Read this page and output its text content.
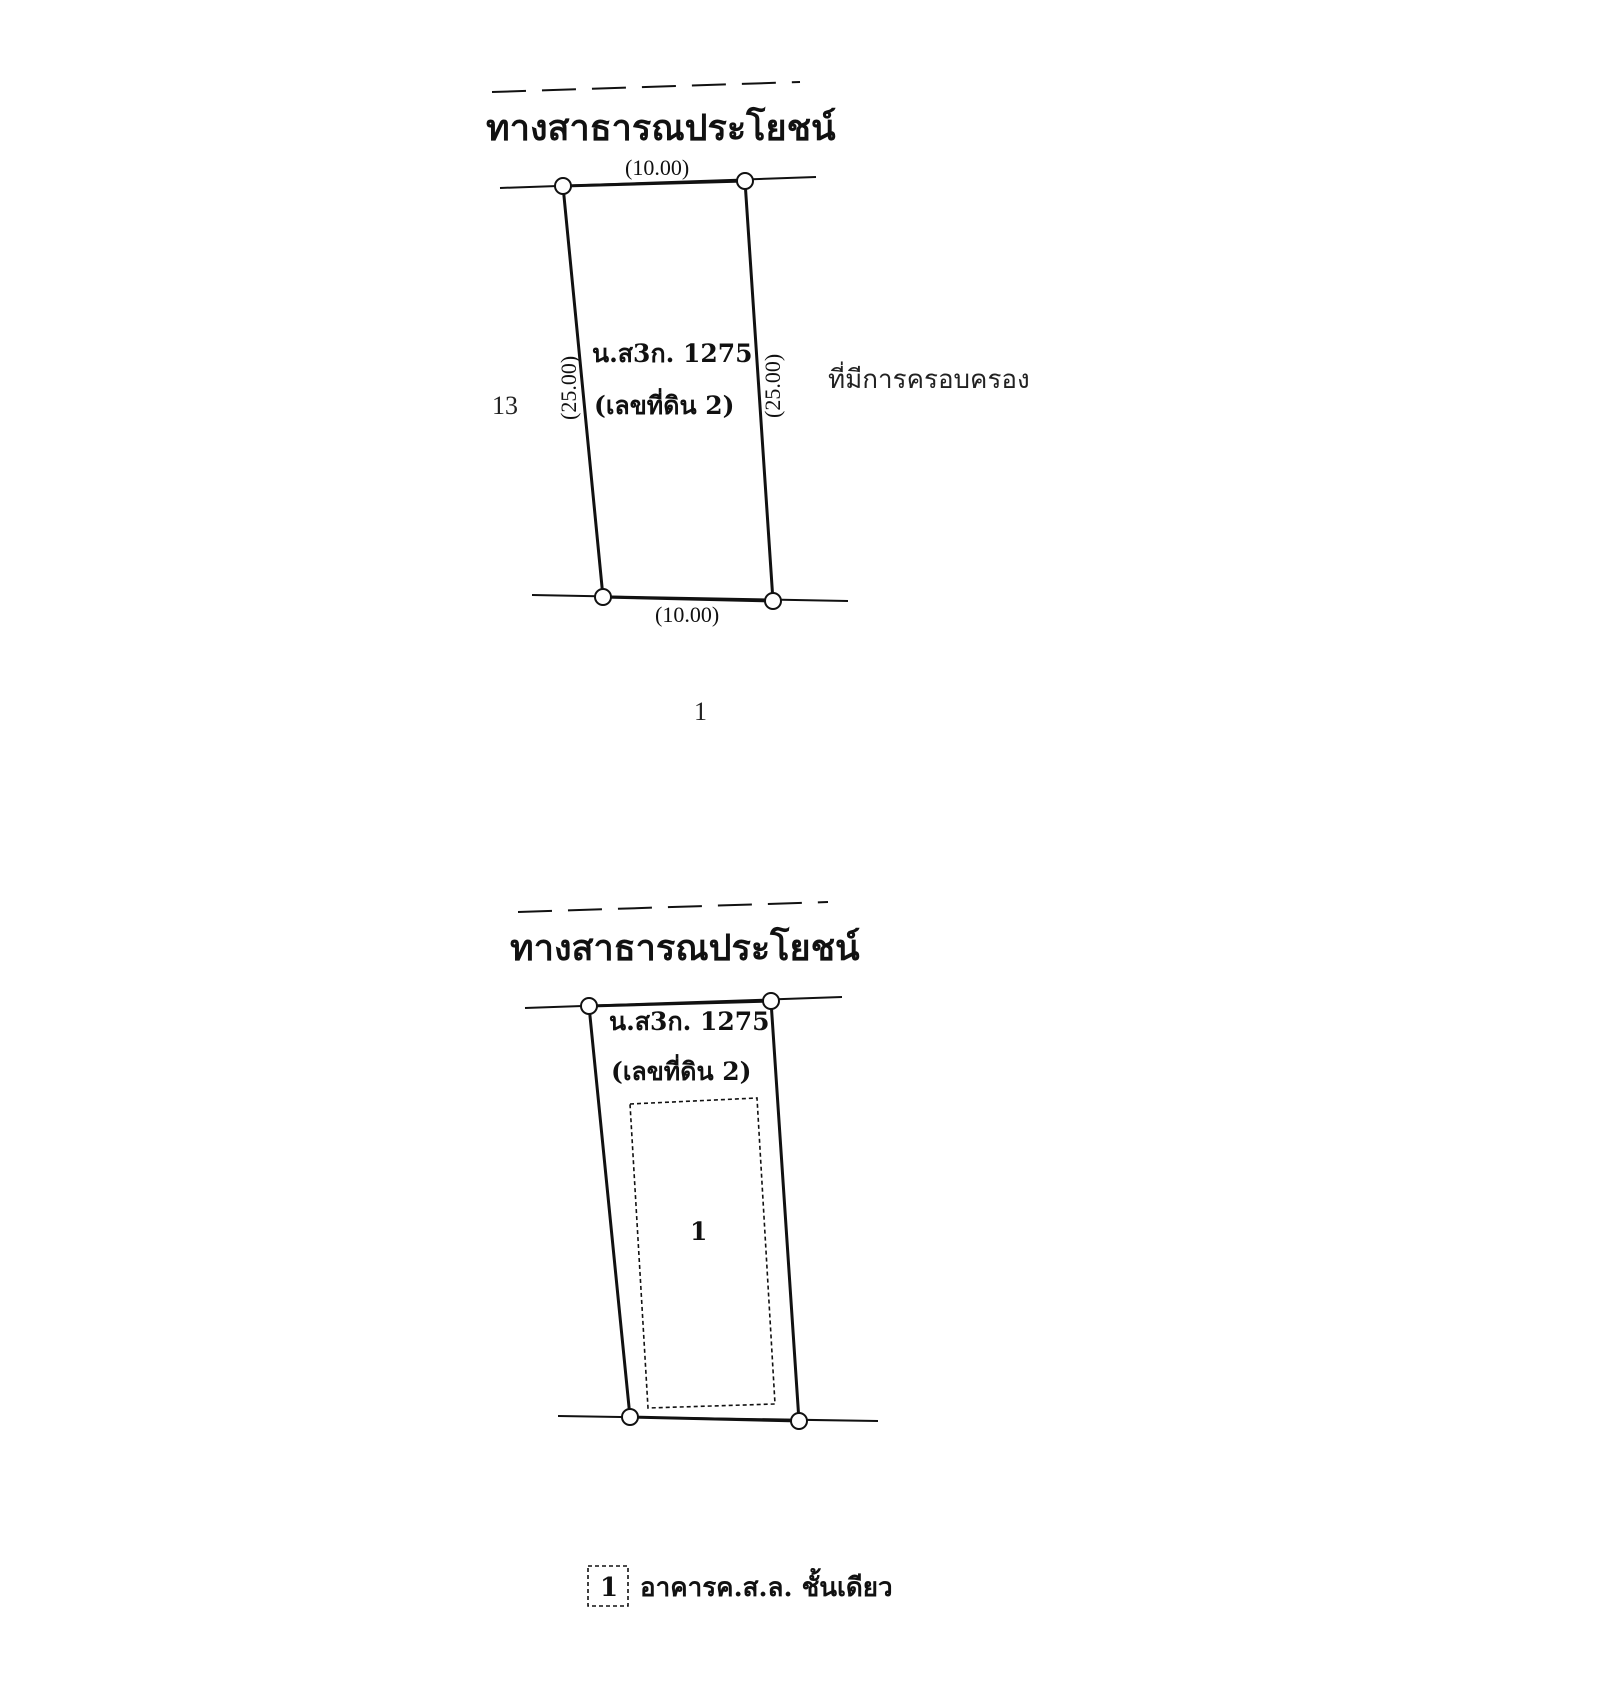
ทางสาธารณประโยชน์
(10.00)
(10.00)
(25.00)	(25.00)
น.ส3ก. 1275
(เลขที่ดิน 2)
13
ที่มีการครอบครอง
1
ทางสาธารณประโยชน์
น.ส3ก. 1275
(เลขที่ดิน 2)
1
1 อาคารค.ส.ล. ชั้นเดียว
